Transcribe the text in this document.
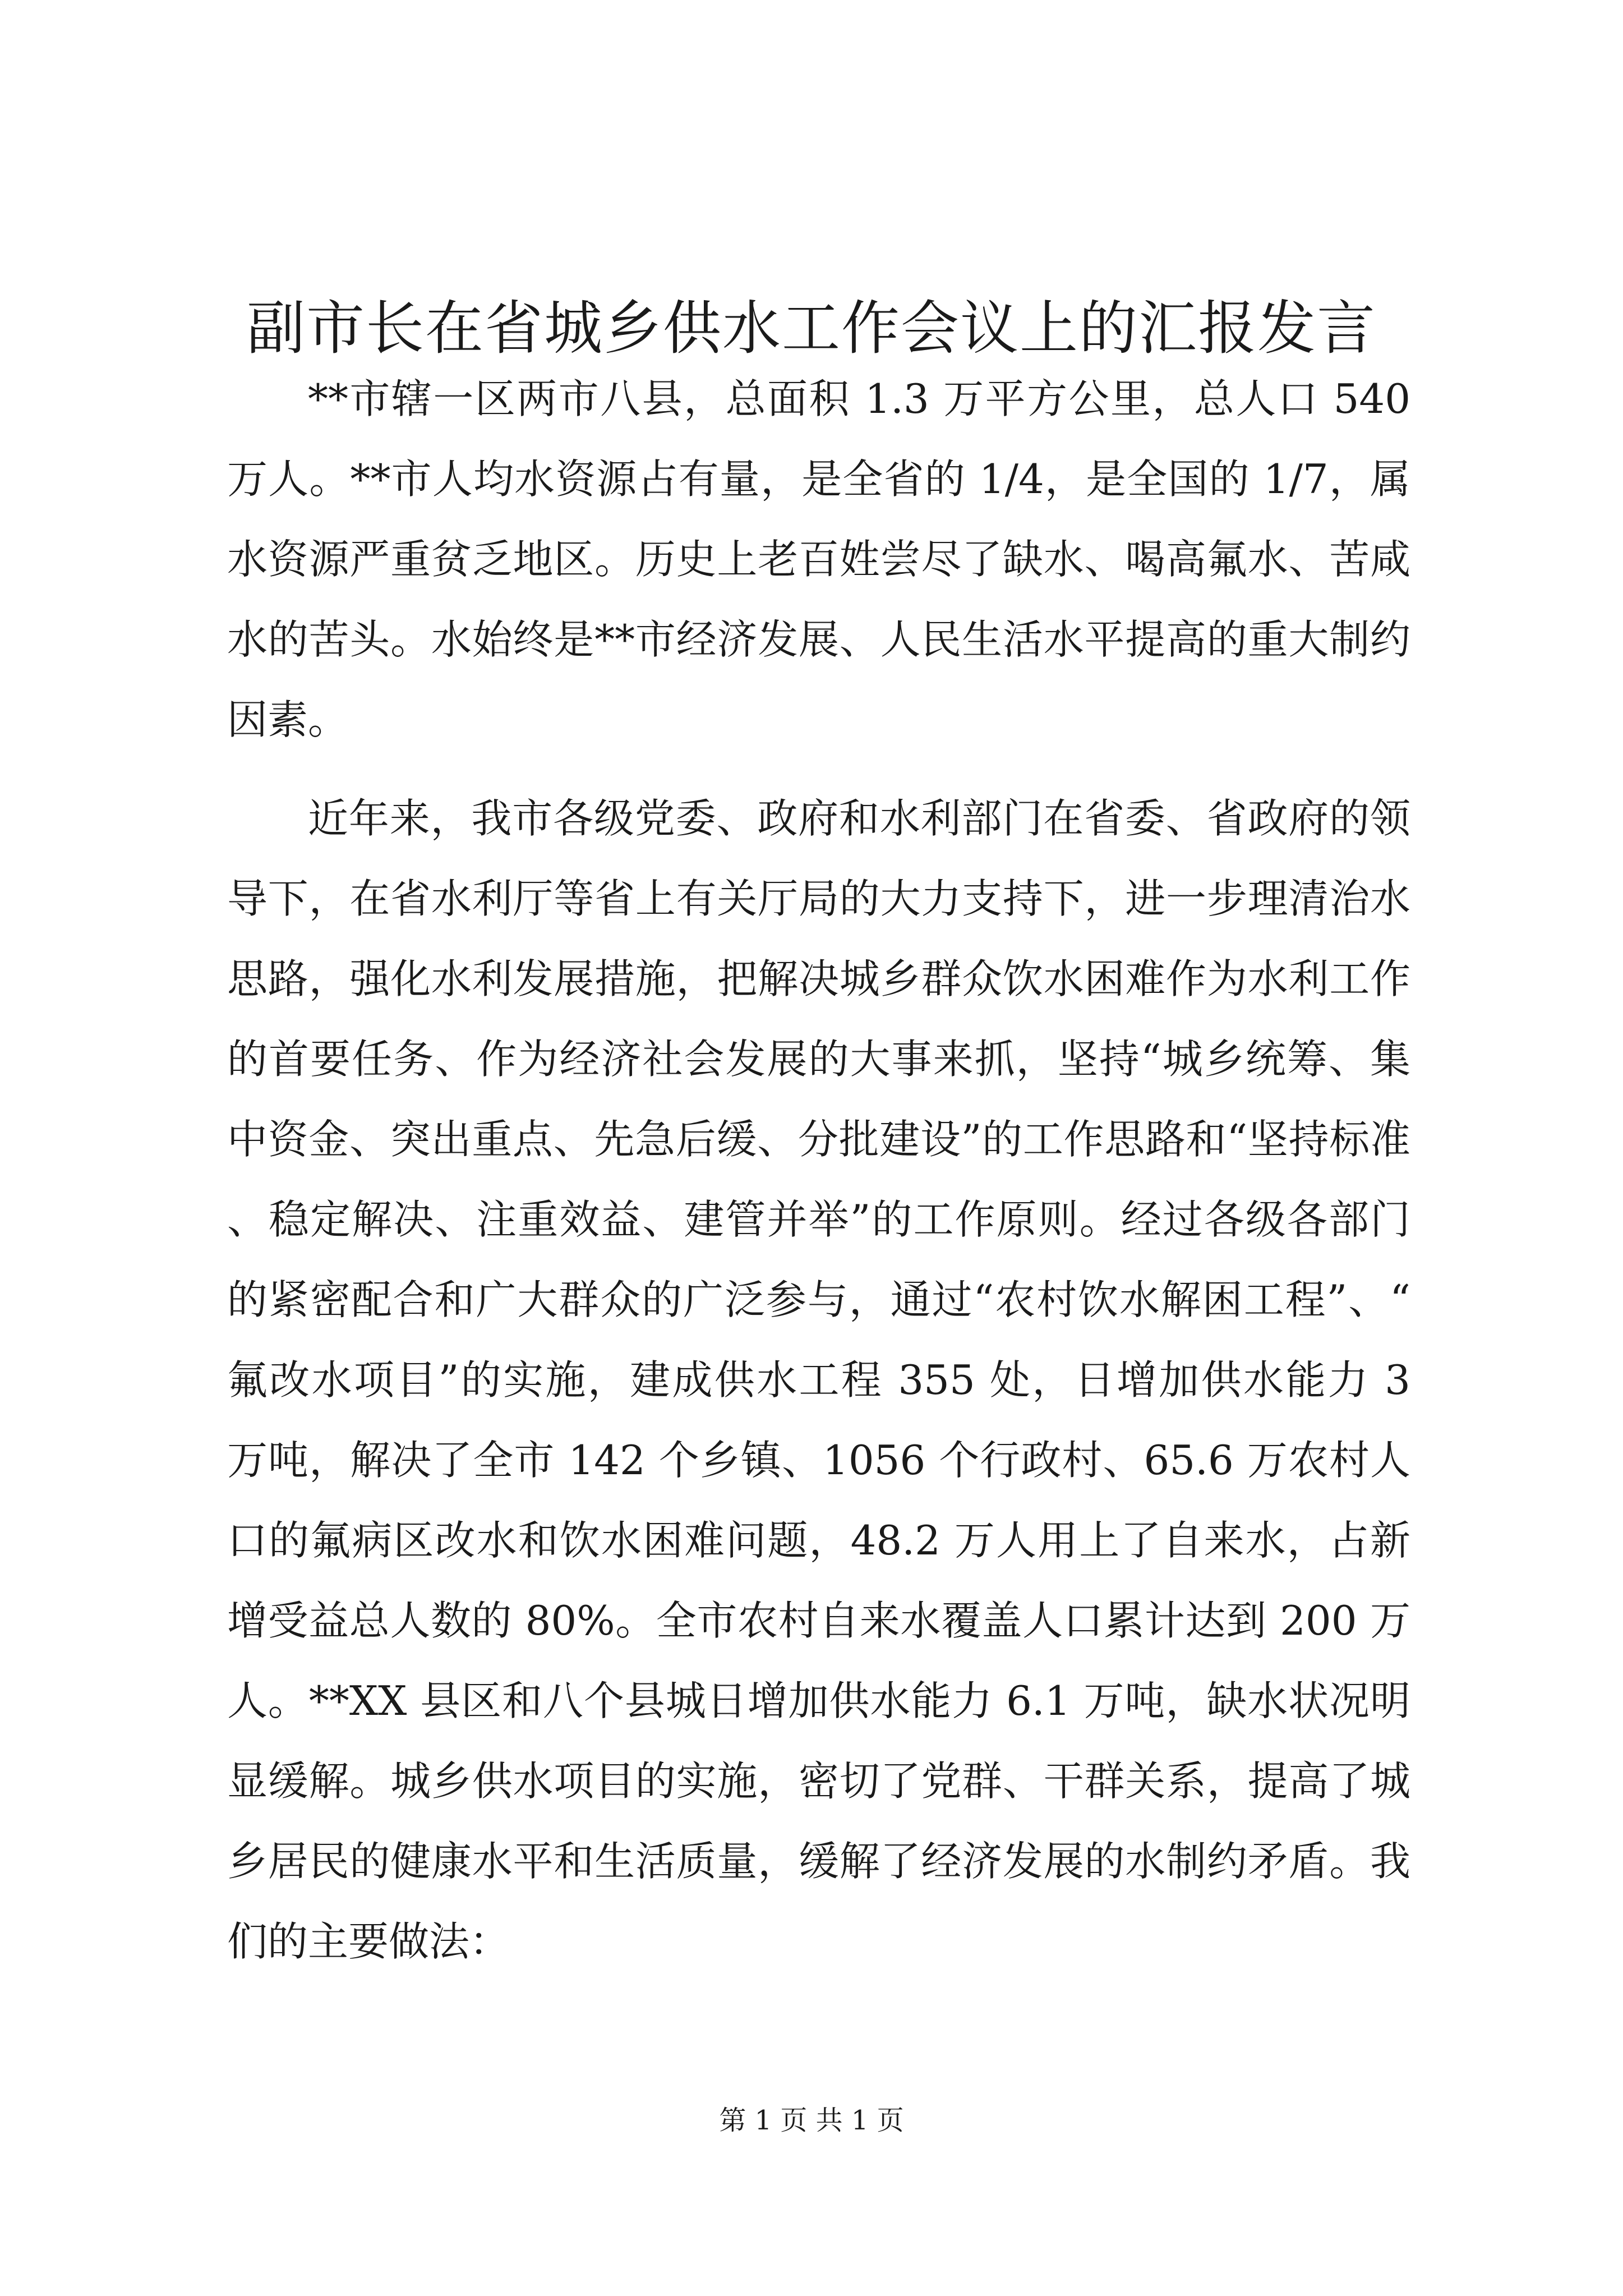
副市长在省城乡供水工作会议上的汇报发言

**市辖一区两市八县，总面积 1.3 万平方公里，总人口 540 万人。**市人均水资源占有量，是全省的 1/4，是全国的 1/7，属水资源严重贫乏地区。历史上老百姓尝尽了缺水、喝高氟水、苦咸水的苦头。水始终是**市经济发展、人民生活水平提高的重大制约因素。

近年来，我市各级党委、政府和水利部门在省委、省政府的领导下，在省水利厅等省上有关厅局的大力支持下，进一步理清治水思路，强化水利发展措施，把解决城乡群众饮水困难作为水利工作的首要任务、作为经济社会发展的大事来抓，坚持“城乡统筹、集中资金、突出重点、先急后缓、分批建设”的工作思路和“坚持标准、稳定解决、注重效益、建管并举”的工作原则。经过各级各部门的紧密配合和广大群众的广泛参与，通过“农村饮水解困工程”、“氟改水项目”的实施，建成供水工程 355 处，日增加供水能力 3 万吨，解决了全市 142 个乡镇、1056 个行政村、65.6 万农村人口的氟病区改水和饮水困难问题，48.2 万人用上了自来水，占新增受益总人数的 80%。全市农村自来水覆盖人口累计达到 200 万人。**XX 县区和八个县城日增加供水能力 6.1 万吨，缺水状况明显缓解。城乡供水项目的实施，密切了党群、干群关系，提高了城乡居民的健康水平和生活质量，缓解了经济发展的水制约矛盾。我们的主要做法：

第 1 页 共 1 页
